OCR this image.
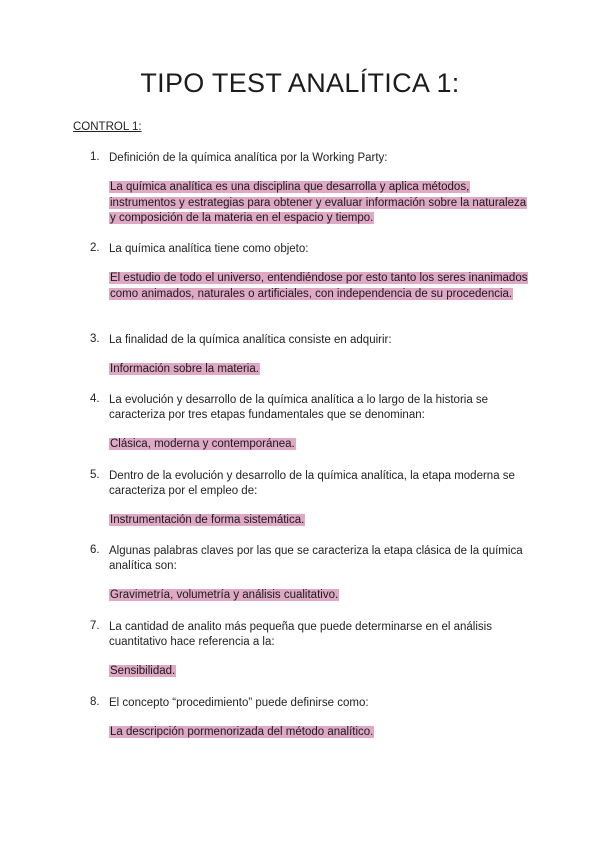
TIPO TEST ANALÍTICA 1:
CONTROL 1:
1. Definición de la química analítica por la Working Party:
La química analítica es una disciplina que desarrolla y aplica métodos, instrumentos y estrategias para obtener y evaluar información sobre la naturaleza y composición de la materia en el espacio y tiempo.
2. La química analítica tiene como objeto:
El estudio de todo el universo, entendiéndose por esto tanto los seres inanimados como animados, naturales o artificiales, con independencia de su procedencia.
3. La finalidad de la química analítica consiste en adquirir:
Información sobre la materia.
4. La evolución y desarrollo de la química analítica a lo largo de la historia se caracteriza por tres etapas fundamentales que se denominan:
Clásica, moderna y contemporánea.
5. Dentro de la evolución y desarrollo de la química analítica, la etapa moderna se caracteriza por el empleo de:
Instrumentación de forma sistemática.
6. Algunas palabras claves por las que se caracteriza la etapa clásica de la química analítica son:
Gravimetría, volumetría y análisis cualitativo.
7. La cantidad de analito más pequeña que puede determinarse en el análisis cuantitativo hace referencia a la:
Sensibilidad.
8. El concepto “procedimiento” puede definirse como:
La descripción pormenorizada del método analítico.
